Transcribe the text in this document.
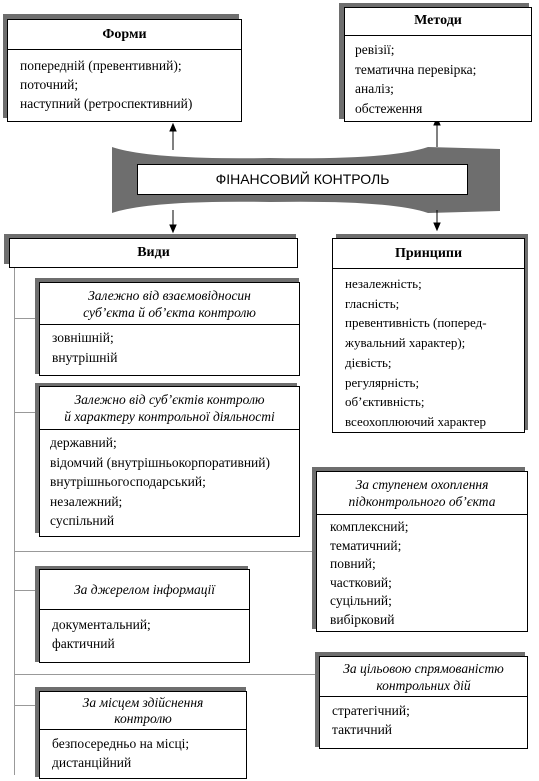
ФІНАНСОВИЙ КОНТРОЛЬ
Форми
попередній (превентивний);
поточний;
наступний (ретроспективний)
Методи
ревізії;
тематична перевірка;
аналіз;
обстеження
Види	Принципи
незалежність;
гласність;
превентивність (поперед-
жувальний характер);
дієвість;
регулярність;
об’єктивність;
всеохоплюючий характер
Залежно від взаємовідносин
суб’єкта й об’єкта контролю
зовнішній;
внутрішній
Залежно від суб’єктів контролю
й характеру контрольної діяльності
державний;
відомчий (внутрішньокорпоративний)
внутрішньогосподарський;
незалежний;
суспільний
За ступенем охоплення
підконтрольного об’єкта
комплексний;
тематичний;
повний;
частковий;
суцільний;
вибірковий
За джерелом інформації
документальний;
фактичний
За цільовою спрямованістю
контрольних дій
стратегічний;
тактичний
За місцем здійснення
контролю
безпосередньо на місці;
дистанційний
